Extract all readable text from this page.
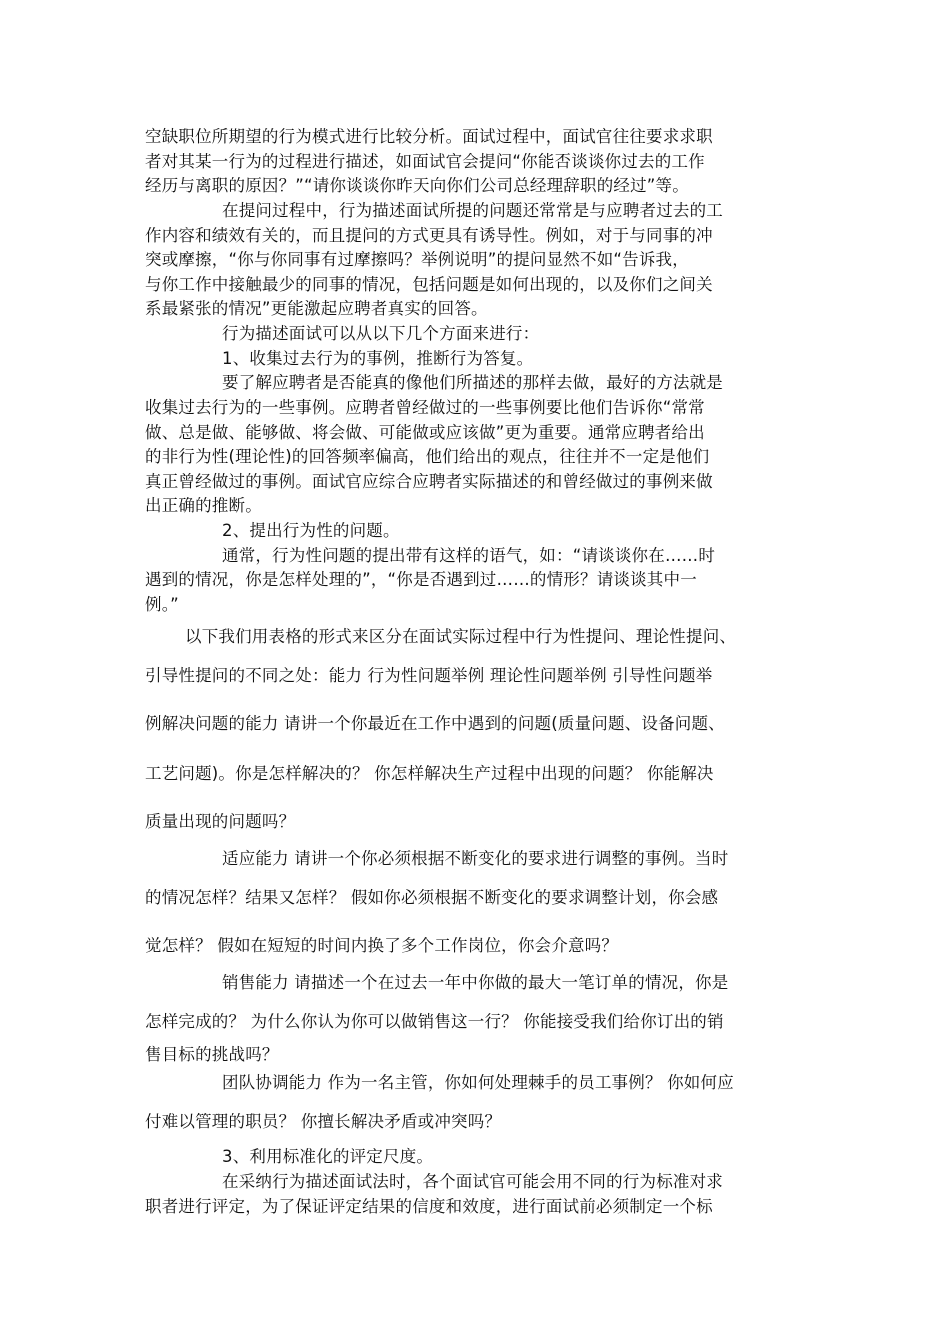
空缺职位所期望的行为模式进行比较分析。面试过程中，面试官往往要求求职
者对其某一行为的过程进行描述，如面试官会提问“你能否谈谈你过去的工作
经历与离职的原因？”“请你谈谈你昨天向你们公司总经理辞职的经过”等。
在提问过程中，行为描述面试所提的问题还常常是与应聘者过去的工
作内容和绩效有关的，而且提问的方式更具有诱导性。例如，对于与同事的冲
突或摩擦，“你与你同事有过摩擦吗？举例说明”的提问显然不如“告诉我，
与你工作中接触最少的同事的情况，包括问题是如何出现的，以及你们之间关
系最紧张的情况”更能激起应聘者真实的回答。
行为描述面试可以从以下几个方面来进行：
1、收集过去行为的事例，推断行为答复。
要了解应聘者是否能真的像他们所描述的那样去做，最好的方法就是
收集过去行为的一些事例。应聘者曾经做过的一些事例要比他们告诉你“常常
做、总是做、能够做、将会做、可能做或应该做”更为重要。通常应聘者给出
的非行为性(理论性)的回答频率偏高，他们给出的观点，往往并不一定是他们
真正曾经做过的事例。面试官应综合应聘者实际描述的和曾经做过的事例来做
出正确的推断。
2、提出行为性的问题。
通常，行为性问题的提出带有这样的语气，如：“请谈谈你在……时
遇到的情况，你是怎样处理的”，“你是否遇到过……的情形？请谈谈其中一
例。”
以下我们用表格的形式来区分在面试实际过程中行为性提问、理论性提问、
引导性提问的不同之处：能力 行为性问题举例 理论性问题举例 引导性问题举
例解决问题的能力 请讲一个你最近在工作中遇到的问题(质量问题、设备问题、
工艺问题)。你是怎样解决的？ 你怎样解决生产过程中出现的问题？ 你能解决
质量出现的问题吗？
适应能力 请讲一个你必须根据不断变化的要求进行调整的事例。当时
的情况怎样？结果又怎样？ 假如你必须根据不断变化的要求调整计划，你会感
觉怎样？ 假如在短短的时间内换了多个工作岗位，你会介意吗？
销售能力 请描述一个在过去一年中你做的最大一笔订单的情况，你是
怎样完成的？ 为什么你认为你可以做销售这一行？ 你能接受我们给你订出的销
售目标的挑战吗？
团队协调能力 作为一名主管，你如何处理棘手的员工事例？ 你如何应
付难以管理的职员？ 你擅长解决矛盾或冲突吗？
3、利用标准化的评定尺度。
在采纳行为描述面试法时，各个面试官可能会用不同的行为标准对求
职者进行评定，为了保证评定结果的信度和效度，进行面试前必须制定一个标
